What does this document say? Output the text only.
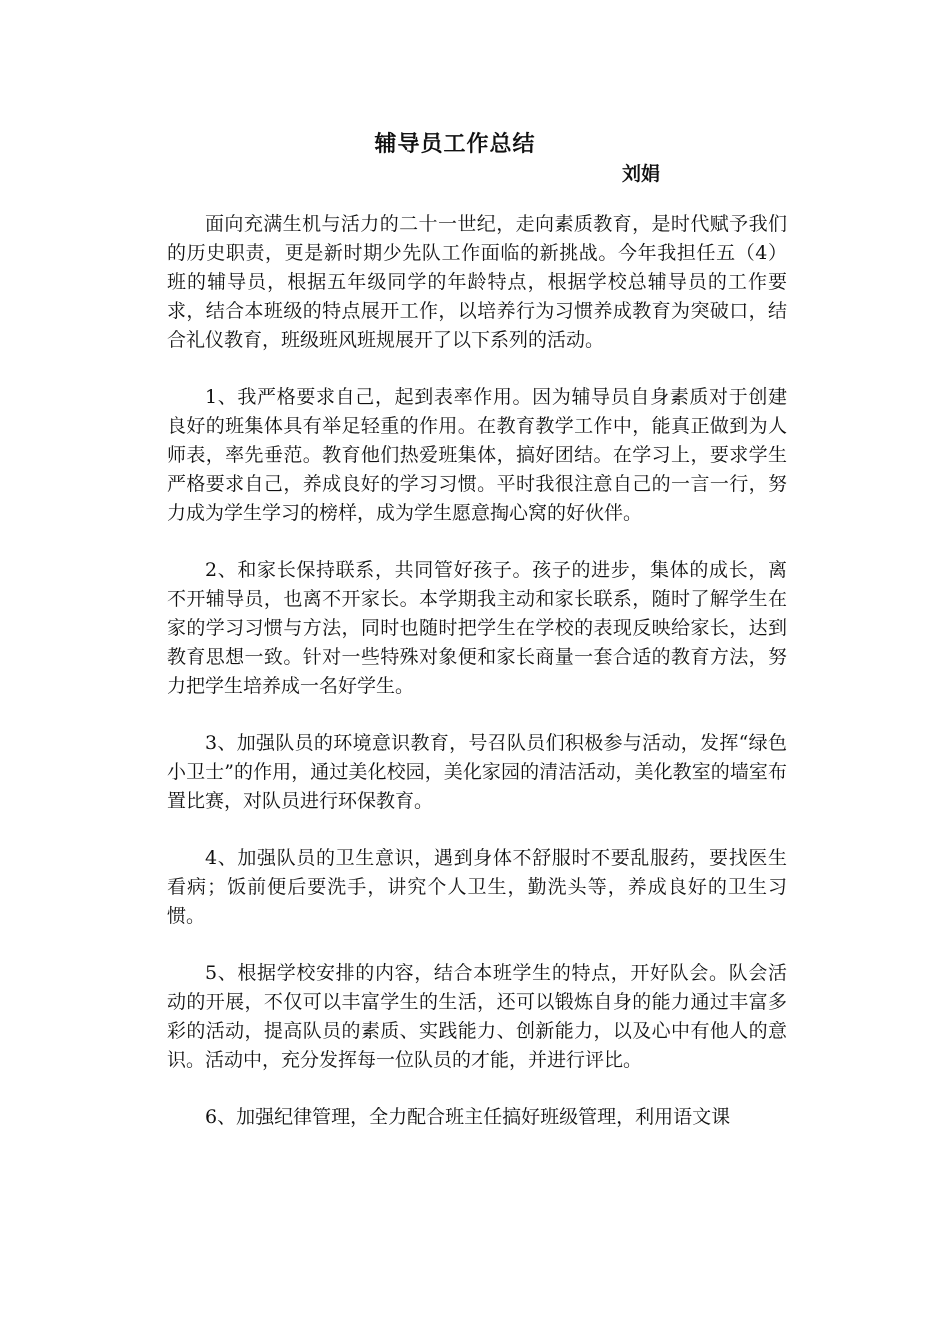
辅导员工作总结
刘娟

面向充满生机与活力的二十一世纪，走向素质教育，是时代赋予我们的历史职责，更是新时期少先队工作面临的新挑战。今年我担任五（4）班的辅导员，根据五年级同学的年龄特点，根据学校总辅导员的工作要求，结合本班级的特点展开工作，以培养行为习惯养成教育为突破口，结合礼仪教育，班级班风班规展开了以下系列的活动。

1、我严格要求自己，起到表率作用。因为辅导员自身素质对于创建良好的班集体具有举足轻重的作用。在教育教学工作中，能真正做到为人师表，率先垂范。教育他们热爱班集体，搞好团结。在学习上，要求学生严格要求自己，养成良好的学习习惯。平时我很注意自己的一言一行，努力成为学生学习的榜样，成为学生愿意掏心窝的好伙伴。

2、和家长保持联系，共同管好孩子。孩子的进步，集体的成长，离不开辅导员，也离不开家长。本学期我主动和家长联系，随时了解学生在家的学习习惯与方法，同时也随时把学生在学校的表现反映给家长，达到教育思想一致。针对一些特殊对象便和家长商量一套合适的教育方法，努力把学生培养成一名好学生。

3、加强队员的环境意识教育，号召队员们积极参与活动，发挥“绿色小卫士”的作用，通过美化校园，美化家园的清洁活动，美化教室的墙室布置比赛，对队员进行环保教育。

4、加强队员的卫生意识，遇到身体不舒服时不要乱服药，要找医生看病；饭前便后要洗手，讲究个人卫生，勤洗头等，养成良好的卫生习惯。

5、根据学校安排的内容，结合本班学生的特点，开好队会。队会活动的开展，不仅可以丰富学生的生活，还可以锻炼自身的能力通过丰富多彩的活动，提高队员的素质、实践能力、创新能力，以及心中有他人的意识。活动中，充分发挥每一位队员的才能，并进行评比。

6、加强纪律管理，全力配合班主任搞好班级管理，利用语文课
